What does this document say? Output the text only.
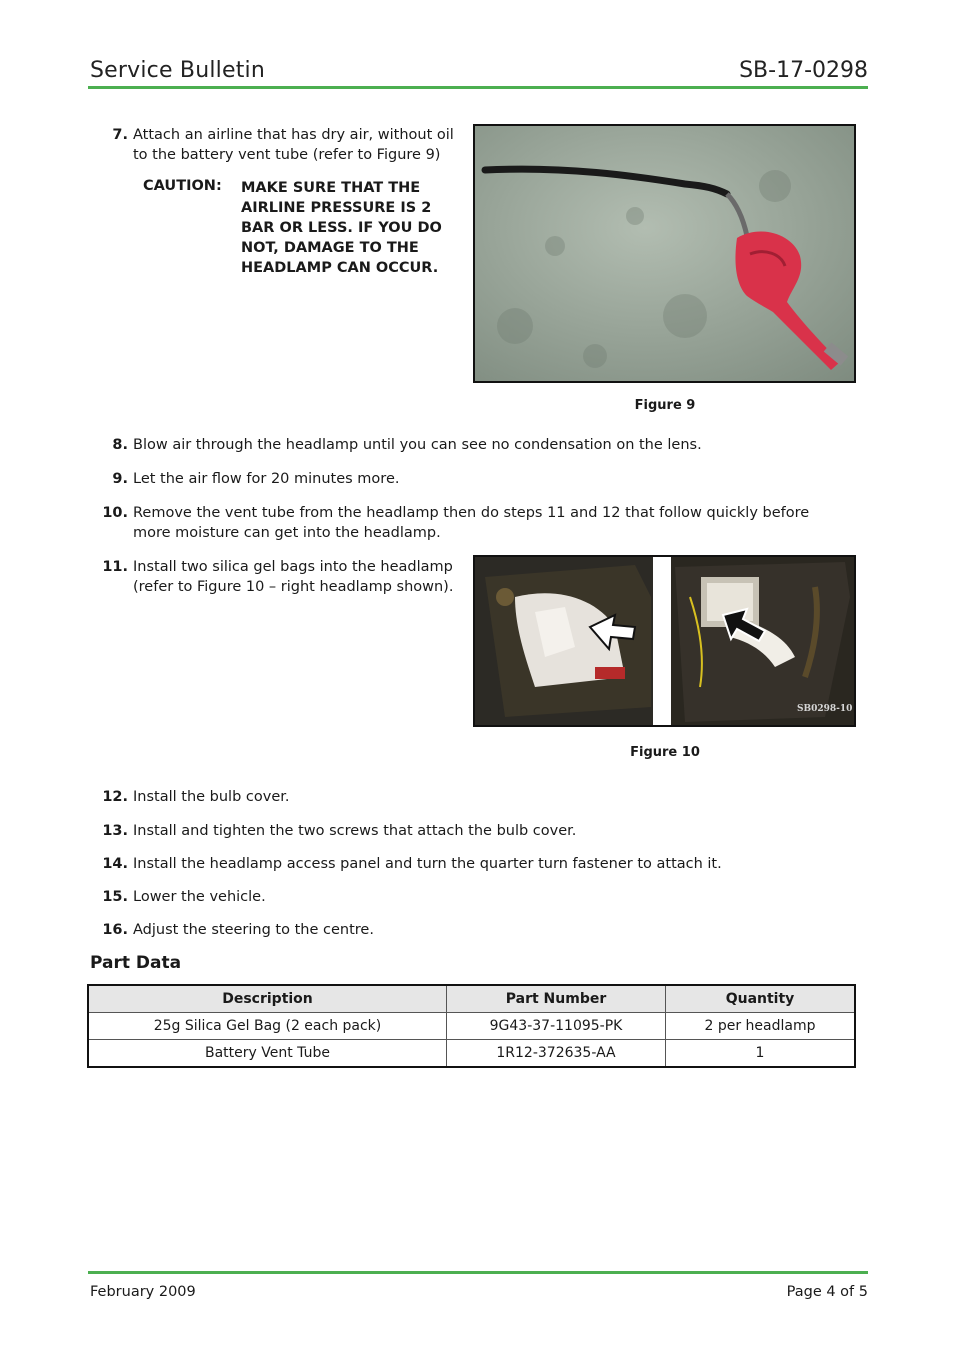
Service Bulletin	SB-17-0298
7. Attach an airline that has dry air, without oil to the battery vent tube (refer to Figure 9)
CAUTION: MAKE SURE THAT THE AIRLINE PRESSURE IS 2 BAR OR LESS. IF YOU DO NOT, DAMAGE TO THE HEADLAMP CAN OCCUR.
Figure 9
8. Blow air through the headlamp until you can see no condensation on the lens.
9. Let the air flow for 20 minutes more.
10. Remove the vent tube from the headlamp then do steps 11 and 12 that follow quickly before more moisture can get into the headlamp.
11. Install two silica gel bags into the headlamp (refer to Figure 10 – right headlamp shown).
SB0298-10
Figure 10
12. Install the bulb cover.
13. Install and tighten the two screws that attach the bulb cover.
14. Install the headlamp access panel and turn the quarter turn fastener to attach it.
15. Lower the vehicle.
16. Adjust the steering to the centre.
Part Data
Description	Part Number	Quantity
25g Silica Gel Bag (2 each pack)	9G43-37-11095-PK	2 per headlamp
Battery Vent Tube	1R12-372635-AA	1
February 2009	Page 4 of 5
